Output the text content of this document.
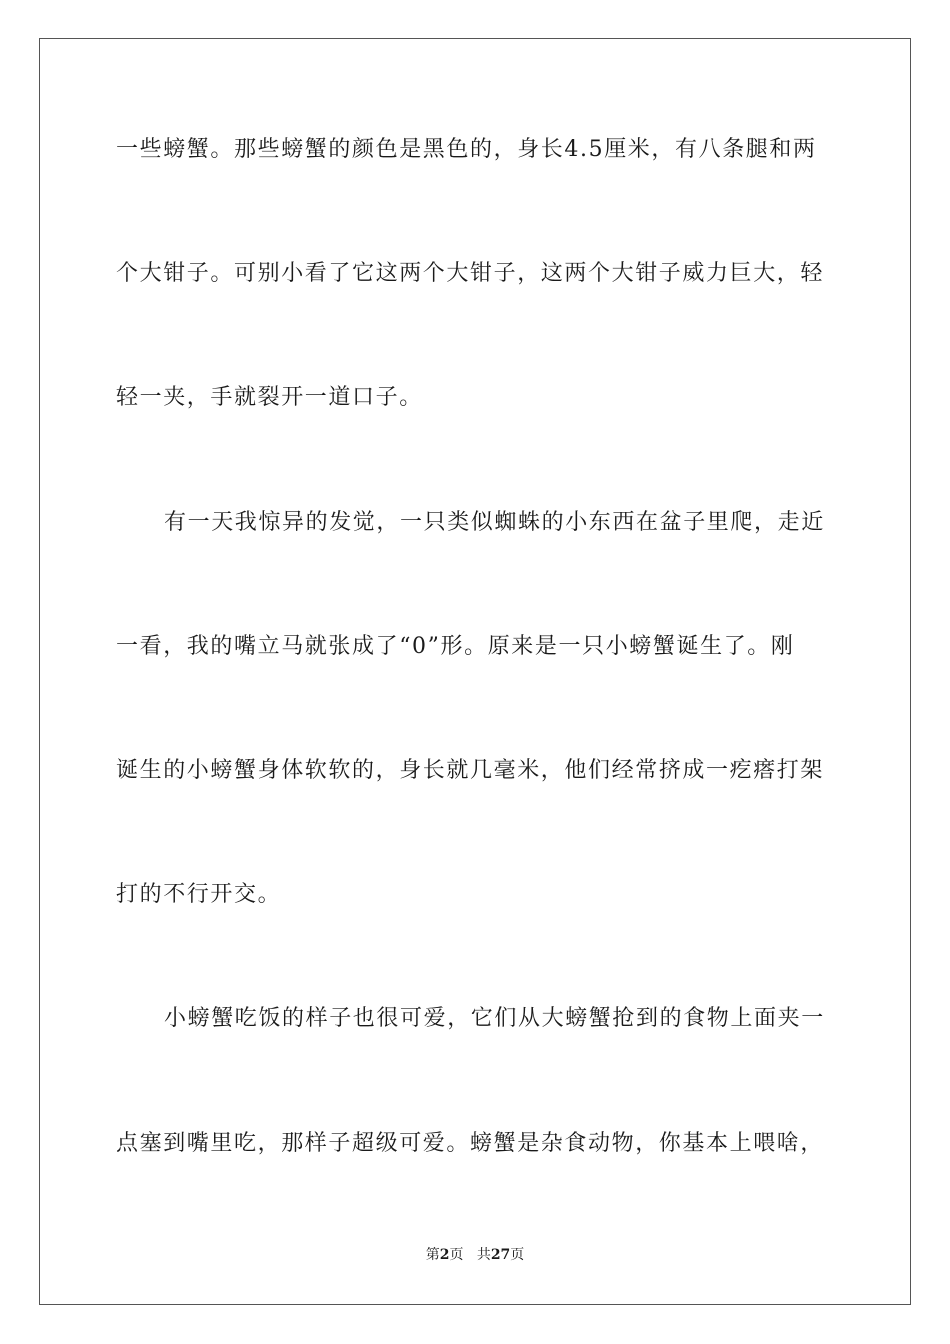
一些螃蟹。那些螃蟹的颜色是黑色的，身长4.5厘米，有八条腿和两
个大钳子。可别小看了它这两个大钳子，这两个大钳子威力巨大，轻
轻一夹，手就裂开一道口子。
有一天我惊异的发觉，一只类似蜘蛛的小东西在盆子里爬，走近
一看，我的嘴立马就张成了“0”形。原来是一只小螃蟹诞生了。刚
诞生的小螃蟹身体软软的，身长就几毫米，他们经常挤成一疙瘩打架
打的不行开交。
小螃蟹吃饭的样子也很可爱，它们从大螃蟹抢到的食物上面夹一
点塞到嘴里吃，那样子超级可爱。螃蟹是杂食动物，你基本上喂啥，
第2页 共27页
